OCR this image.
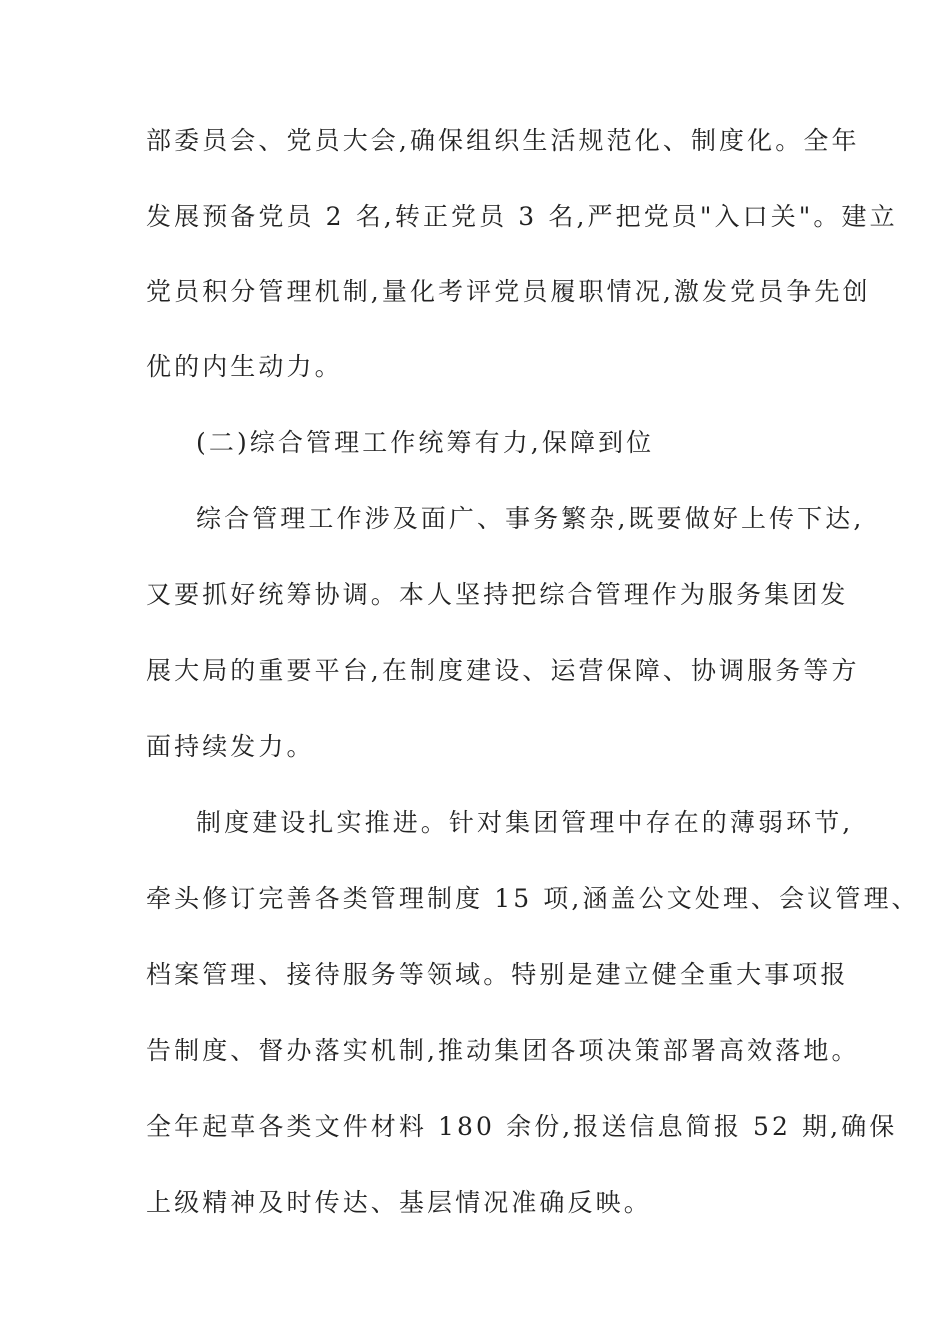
部委员会、党员大会,确保组织生活规范化、制度化。全年
发展预备党员 2 名,转正党员 3 名,严把党员"入口关"。建立
党员积分管理机制,量化考评党员履职情况,激发党员争先创
优的内生动力。
(二)综合管理工作统筹有力,保障到位
综合管理工作涉及面广、事务繁杂,既要做好上传下达,
又要抓好统筹协调。本人坚持把综合管理作为服务集团发
展大局的重要平台,在制度建设、运营保障、协调服务等方
面持续发力。
制度建设扎实推进。针对集团管理中存在的薄弱环节,
牵头修订完善各类管理制度 15 项,涵盖公文处理、会议管理、
档案管理、接待服务等领域。特别是建立健全重大事项报
告制度、督办落实机制,推动集团各项决策部署高效落地。
全年起草各类文件材料 180 余份,报送信息简报 52 期,确保
上级精神及时传达、基层情况准确反映。
